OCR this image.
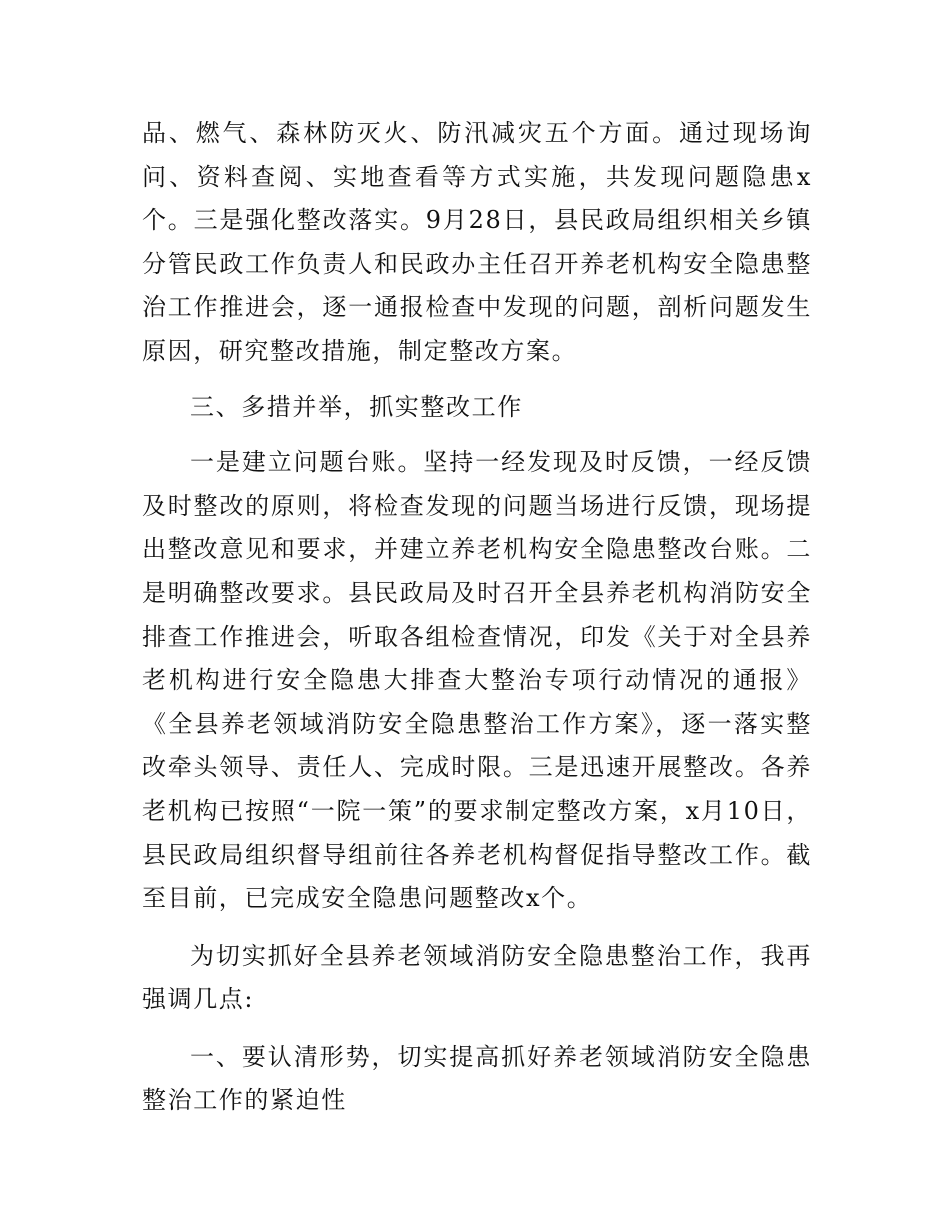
品、燃气、森林防灭火、防汛减灾五个方面。通过现场询问、资料查阅、实地查看等方式实施，共发现问题隐患x个。三是强化整改落实。9月28日，县民政局组织相关乡镇分管民政工作负责人和民政办主任召开养老机构安全隐患整治工作推进会，逐一通报检查中发现的问题，剖析问题发生原因，研究整改措施，制定整改方案。

三、多措并举，抓实整改工作

一是建立问题台账。坚持一经发现及时反馈，一经反馈及时整改的原则，将检查发现的问题当场进行反馈，现场提出整改意见和要求，并建立养老机构安全隐患整改台账。二是明确整改要求。县民政局及时召开全县养老机构消防安全排查工作推进会，听取各组检查情况，印发《关于对全县养老机构进行安全隐患大排查大整治专项行动情况的通报》《全县养老领域消防安全隐患整治工作方案》，逐一落实整改牵头领导、责任人、完成时限。三是迅速开展整改。各养老机构已按照“一院一策”的要求制定整改方案，x月10日，县民政局组织督导组前往各养老机构督促指导整改工作。截至目前，已完成安全隐患问题整改x个。

为切实抓好全县养老领域消防安全隐患整治工作，我再强调几点:

一、要认清形势，切实提高抓好养老领域消防安全隐患整治工作的紧迫性
